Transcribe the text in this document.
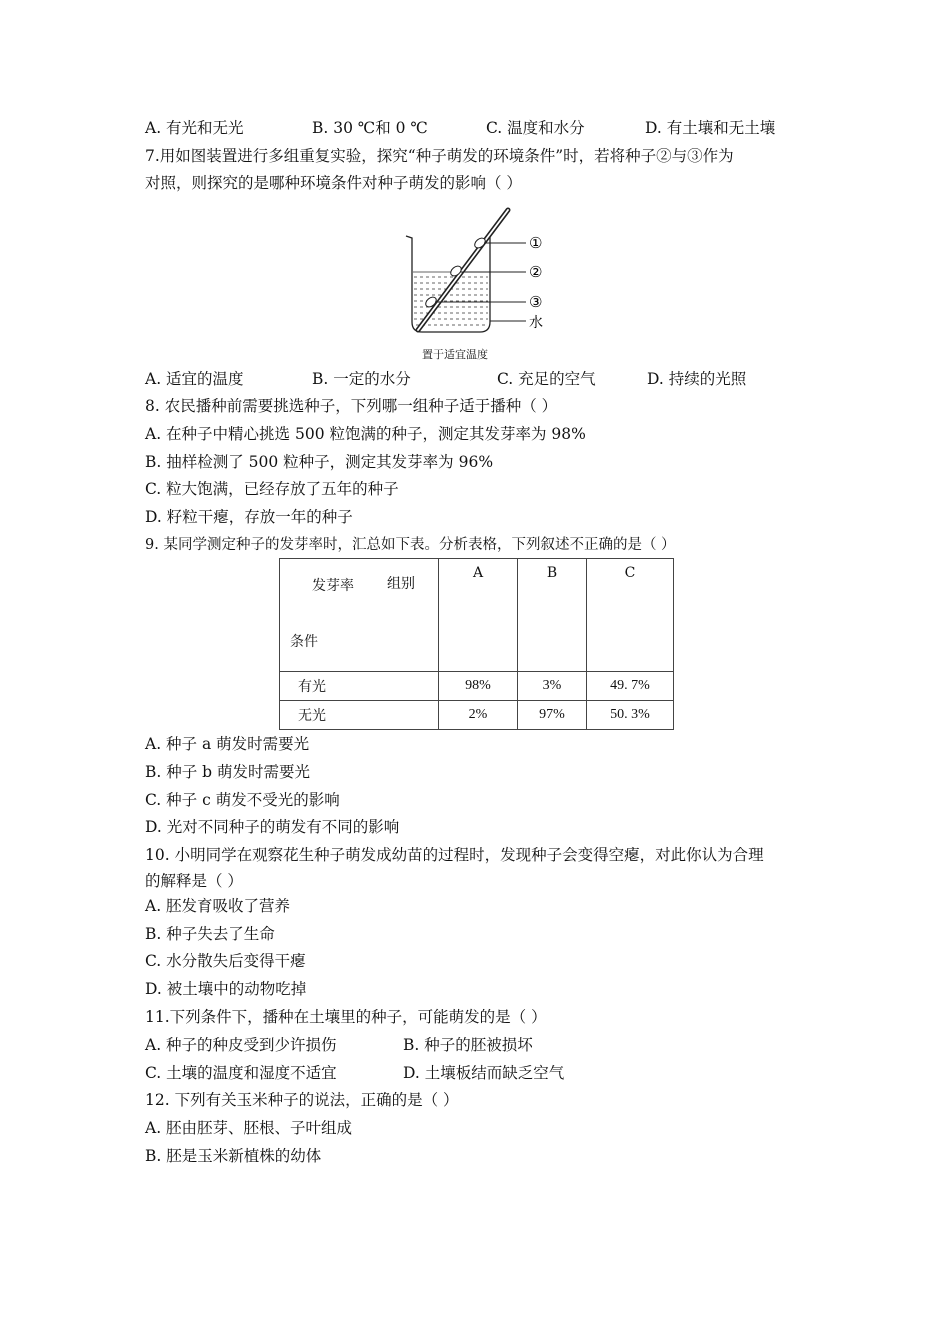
A. 有光和无光	B. 30 ℃和 0 ℃	C. 温度和水分	D. 有土壤和无土壤
7.用如图装置进行多组重复实验，探究“种子萌发的环境条件”时，若将种子②与③作为
对照，则探究的是哪种环境条件对种子萌发的影响（ ）
①
②
③
水
置于适宜温度
A. 适宜的温度	B. 一定的水分	C. 充足的空气	D. 持续的光照
8. 农民播种前需要挑选种子，下列哪一组种子适于播种（ ）
A. 在种子中精心挑选 500 粒饱满的种子，测定其发芽率为 98%
B. 抽样检测了 500 粒种子，测定其发芽率为 96%
C. 粒大饱满，已经存放了五年的种子
D. 籽粒干瘪，存放一年的种子
9. 某同学测定种子的发芽率时，汇总如下表。分析表格，下列叙述不正确的是（ ）
发芽率 组别
条件	A	B	C

有光	98%	3%	49. 7%
无光	2%	97%	50. 3%
A. 种子 a 萌发时需要光
B. 种子 b 萌发时需要光
C. 种子 c 萌发不受光的影响
D. 光对不同种子的萌发有不同的影响
10. 小明同学在观察花生种子萌发成幼苗的过程时，发现种子会变得空瘪，对此你认为合理
的解释是（ ）
A. 胚发育吸收了营养
B. 种子失去了生命
C. 水分散失后变得干瘪
D. 被土壤中的动物吃掉
11.下列条件下，播种在土壤里的种子，可能萌发的是（ ）
A. 种子的种皮受到少许损伤	B. 种子的胚被损坏
C. 土壤的温度和湿度不适宜	D. 土壤板结而缺乏空气
12. 下列有关玉米种子的说法，正确的是（ ）
A. 胚由胚芽、胚根、子叶组成
B. 胚是玉米新植株的幼体
